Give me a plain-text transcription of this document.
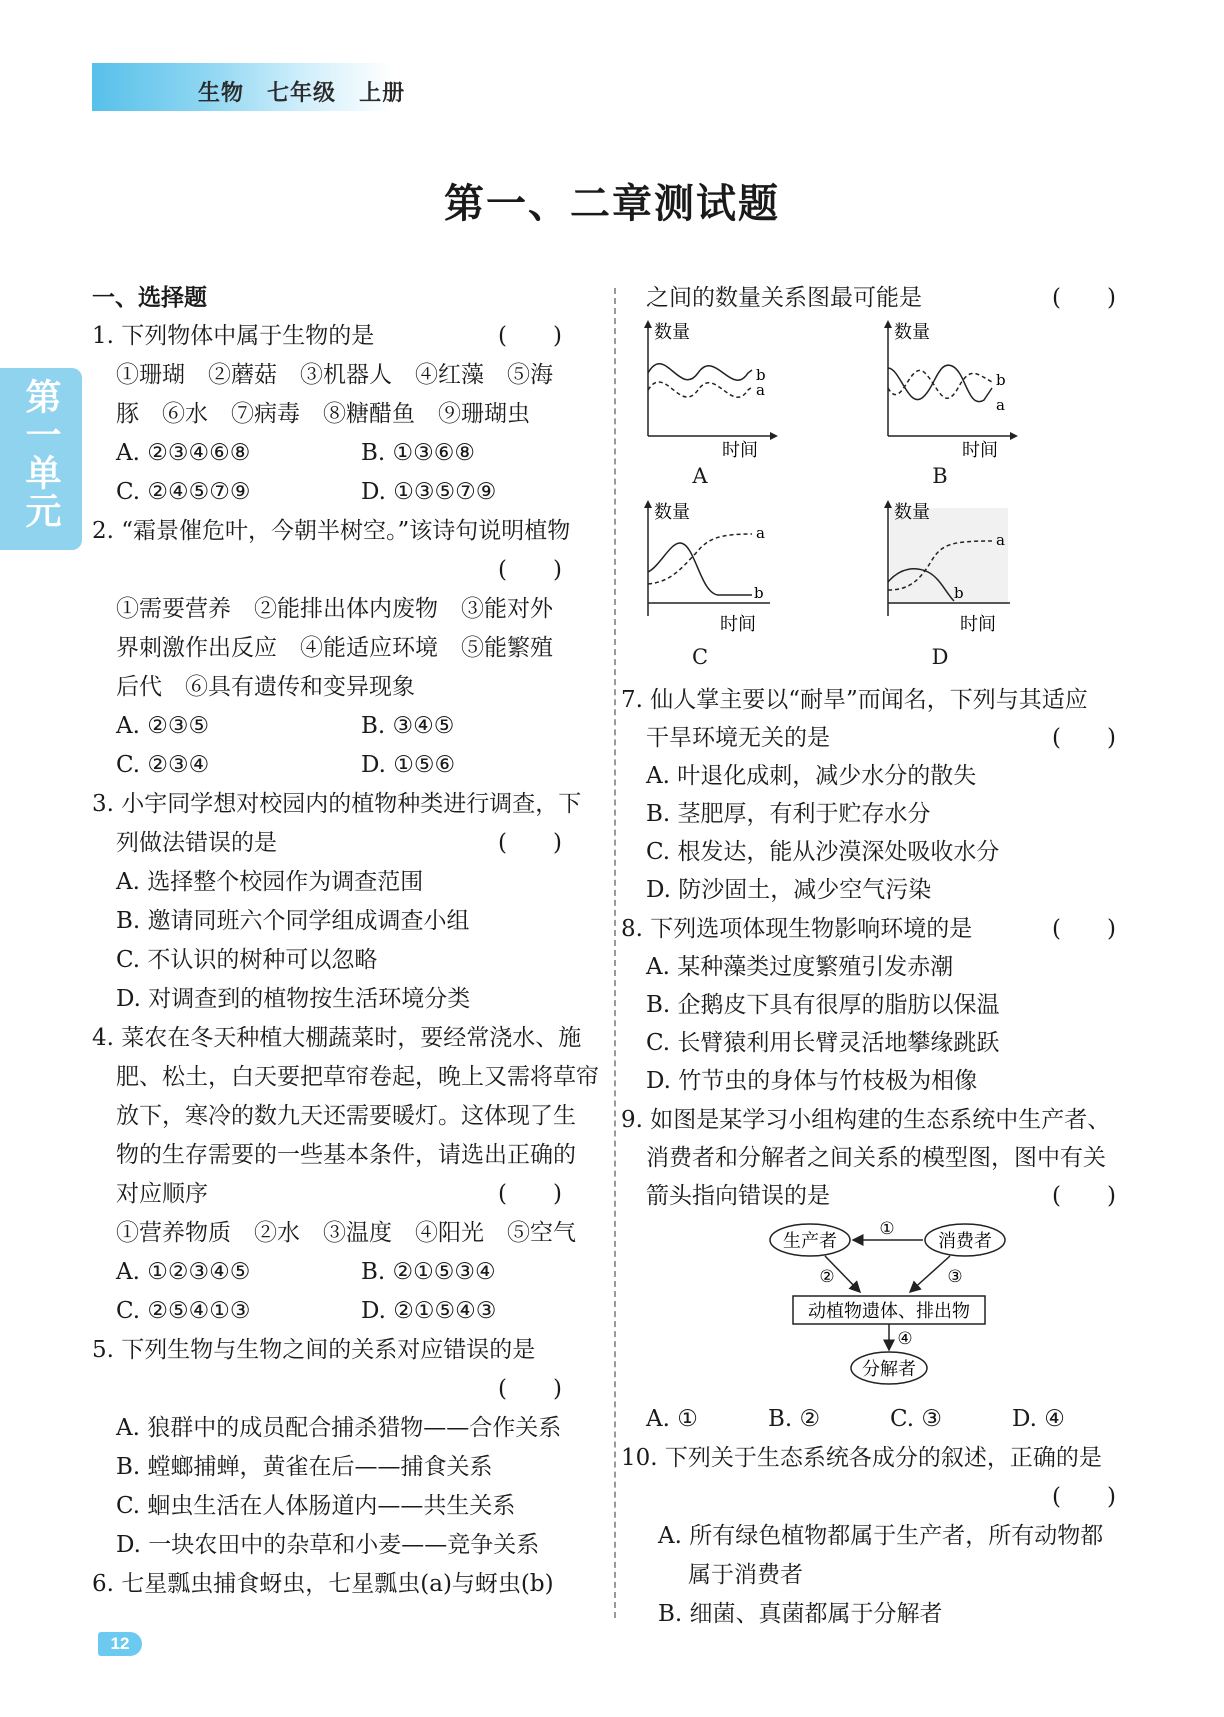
生物　 七年级　 上册
第一、二章测试题
第一单元
一、选择题
1. 下列物体中属于生物的是	(　　)
①珊瑚　②蘑菇　③机器人　④红藻　⑤海
豚　⑥水　⑦病毒　⑧糖醋鱼　⑨珊瑚虫
A. ②③④⑥⑧	B. ①③⑥⑧
C. ②④⑤⑦⑨	D. ①③⑤⑦⑨
2. “霜景催危叶，今朝半树空。”该诗句说明植物
(　　)
①需要营养　②能排出体内废物　③能对外
界刺激作出反应　④能适应环境　⑤能繁殖
后代　⑥具有遗传和变异现象
A. ②③⑤	B. ③④⑤
C. ②③④	D. ①⑤⑥
3. 小宇同学想对校园内的植物种类进行调查，下
列做法错误的是	(　　)
A. 选择整个校园作为调查范围
B. 邀请同班六个同学组成调查小组
C. 不认识的树种可以忽略
D. 对调查到的植物按生活环境分类
4. 菜农在冬天种植大棚蔬菜时，要经常浇水、施
肥、松土，白天要把草帘卷起，晚上又需将草帘
放下，寒冷的数九天还需要暖灯。这体现了生
物的生存需要的一些基本条件，请选出正确的
对应顺序	(　　)
①营养物质　②水　③温度　④阳光　⑤空气
A. ①②③④⑤	B. ②①⑤③④
C. ②⑤④①③	D. ②①⑤④③
5. 下列生物与生物之间的关系对应错误的是
(　　)
A. 狼群中的成员配合捕杀猎物——合作关系
B. 螳螂捕蝉，黄雀在后——捕食关系
C. 蛔虫生活在人体肠道内——共生关系
D. 一块农田中的杂草和小麦——竞争关系
6. 七星瓢虫捕食蚜虫，七星瓢虫(a)与蚜虫(b)
之间的数量关系图最可能是	(　　)
数量
时间
b
a
A
数量
时间
b
a
B
数量
时间
a
b
C
数量
时间
a
b
D
7. 仙人掌主要以“耐旱”而闻名，下列与其适应
干旱环境无关的是	(　　)
A. 叶退化成刺，减少水分的散失
B. 茎肥厚，有利于贮存水分
C. 根发达，能从沙漠深处吸收水分
D. 防沙固土，减少空气污染
8. 下列选项体现生物影响环境的是	(　　)
A. 某种藻类过度繁殖引发赤潮
B. 企鹅皮下具有很厚的脂肪以保温
C. 长臂猿利用长臂灵活地攀缘跳跃
D. 竹节虫的身体与竹枝极为相像
9. 如图是某学习小组构建的生态系统中生产者、
消费者和分解者之间关系的模型图，图中有关
箭头指向错误的是	(　　)
生产者	消费者
①
②	③
动植物遗体、排出物
④
分解者
A. ①	B. ②	C. ③	D. ④
10. 下列关于生态系统各成分的叙述，正确的是
(　　)
A. 所有绿色植物都属于生产者，所有动物都
属于消费者
B. 细菌、真菌都属于分解者
12
